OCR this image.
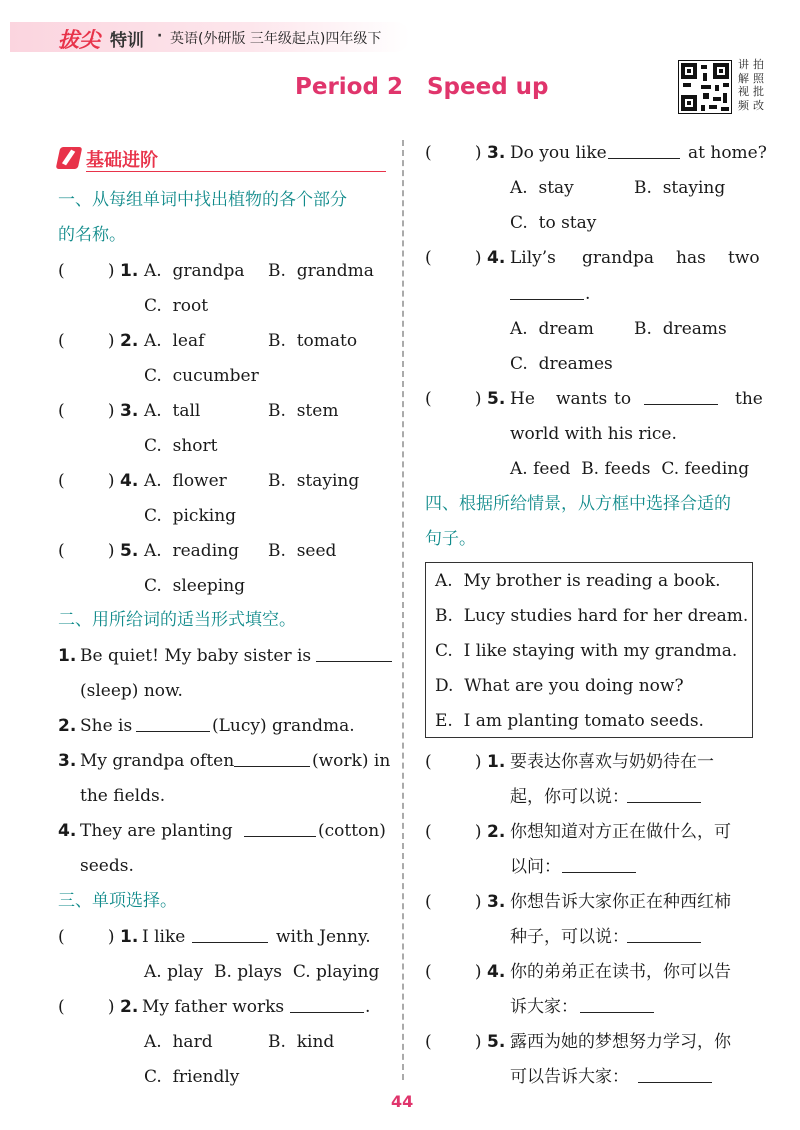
拔尖 特训 · 英语(外研版 三年级起点)四年级下
Period 2   Speed up
讲 拍
解 照
视 批
频 改
基础进阶
一、从每组单词中找出植物的各个部分
的名称。
(        ) 1. A.  grandpa B.  grandma
C.  root
(        ) 2. A.  leaf	B.  tomato
C.  cucumber
(        ) 3. A.  tall	B.  stem
C.  short
(        ) 4. A.  flower B.  staying
C.  picking
(        ) 5. A.  reading B.  seed
C.  sleeping
二、用所给词的适当形式填空。
1. Be quiet! My baby sister is
(sleep) now.
2. She is	(Lucy) grandma.
3. My grandpa often	(work) in
the fields.
4. They are planting	(cotton)
seeds.
三、单项选择。
(        ) 1. I like	with Jenny.
A. play  B. plays  C. playing
(        ) 2. My father works	.
A.  hard	B.  kind
C.  friendly
(        ) 3. Do you like	at home?
A.  stay	B.  staying
C.  to stay
(        ) 4. Lily’s grandpa has two
.
A.  dream B.  dreams
C.  dreames
(        ) 5. He wants to	the
world with his rice.
A. feed  B. feeds  C. feeding
四、根据所给情景，从方框中选择合适的
句子。
A.  My brother is reading a book.
B.  Lucy studies hard for her dream.
C.  I like staying with my grandma.
D.  What are you doing now?
E.  I am planting tomato seeds.
(        ) 1. 要表达你喜欢与奶奶待在一
起，你可以说：
(        ) 2. 你想知道对方正在做什么，可
以问：
(        ) 3. 你想告诉大家你正在种西红柿
种子，可以说：
(        ) 4. 你的弟弟正在读书，你可以告
诉大家：
(        ) 5. 露西为她的梦想努力学习，你
可以告诉大家：
44
